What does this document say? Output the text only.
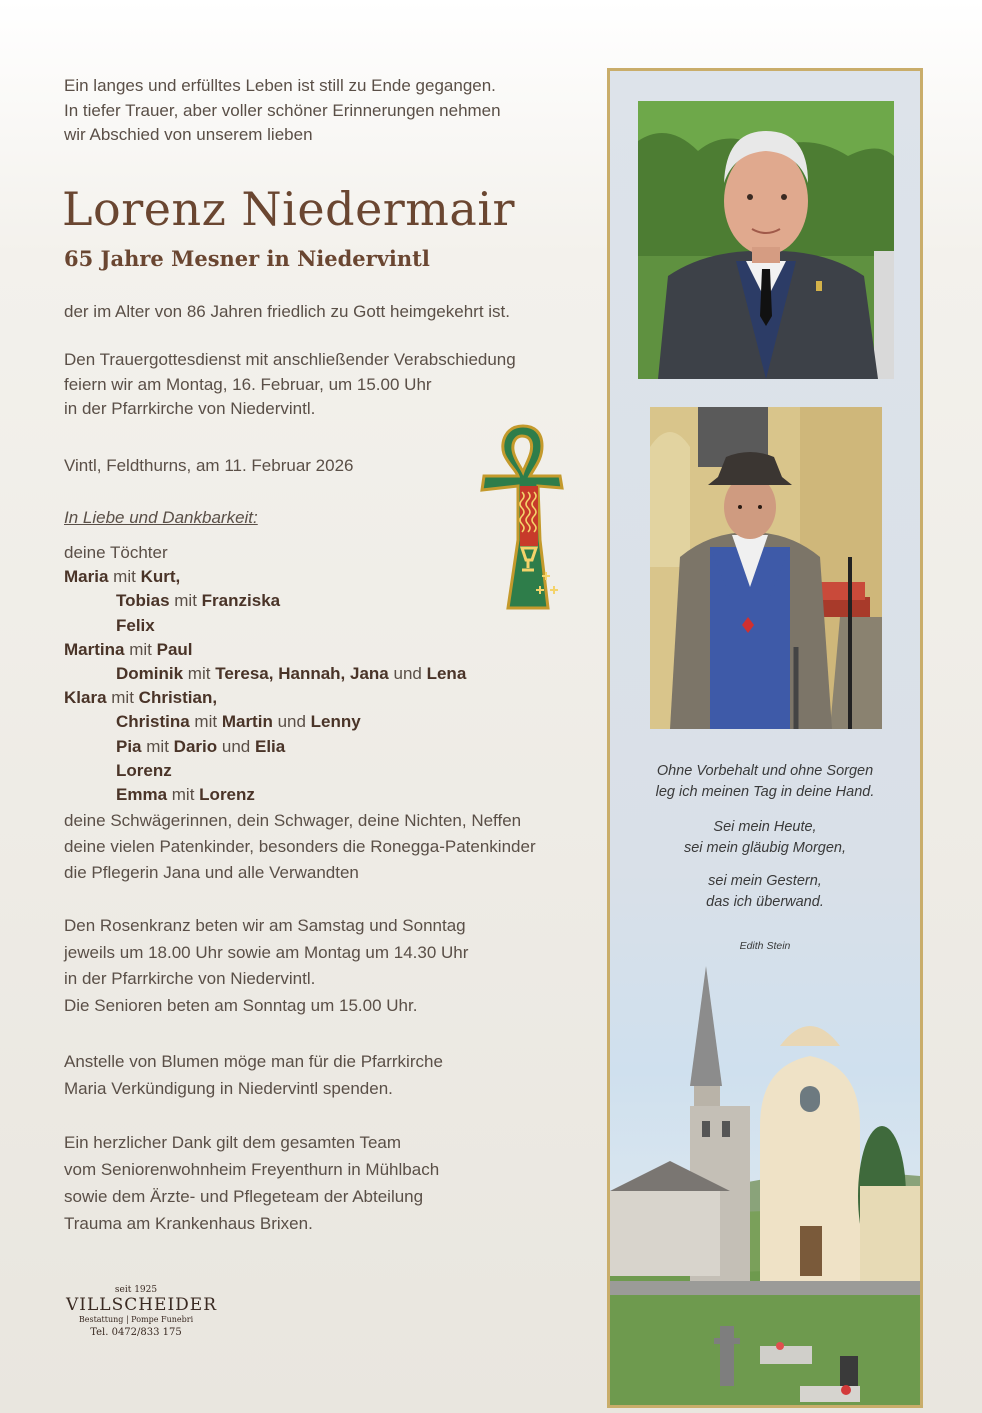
Ein langes und erfülltes Leben ist still zu Ende gegangen.

In tiefer Trauer, aber voller schöner Erinnerungen nehmen

wir Abschied von unserem lieben

Lorenz Niedermair
65 Jahre Mesner in Niedervintl

der im Alter von 86 Jahren friedlich zu Gott heimgekehrt ist.

Den Trauergottesdienst mit anschließender Verabschiedung

feiern wir am Montag, 16. Februar, um 15.00 Uhr

in der Pfarrkirche von Niedervintl.

Vintl, Feldthurns, am 11. Februar 2026

In Liebe und Dankbarkeit:

deine Töchter
Maria mit Kurt,
Tobias mit Franziska
Felix
Martina mit Paul
Dominik mit Teresa, Hannah, Jana und Lena
Klara mit Christian,
Christina mit Martin und Lenny
Pia mit Dario und Elia
Lorenz
Emma mit Lorenz

deine Schwägerinnen, dein Schwager, deine Nichten, Neffen

deine vielen Patenkinder, besonders die Ronegga-Patenkinder

die Pflegerin Jana und alle Verwandten

Den Rosenkranz beten wir am Samstag und Sonntag

jeweils um 18.00 Uhr sowie am Montag um 14.30 Uhr

in der Pfarrkirche von Niedervintl.

Die Senioren beten am Sonntag um 15.00 Uhr.

Anstelle von Blumen möge man für die Pfarrkirche

Maria Verkündigung in Niedervintl spenden.

Ein herzlicher Dank gilt dem gesamten Team

vom Seniorenwohnheim Freyenthurn in Mühlbach

sowie dem Ärzte- und Pflegeteam der Abteilung

Trauma am Krankenhaus Brixen.

seit 1925
VILLSCHEIDER
Bestattung | Pompe Funebri
Tel. 0472/833 175
Ohne Vorbehalt und ohne Sorgen
leg ich meinen Tag in deine Hand.
Sei mein Heute,
sei mein gläubig Morgen,
sei mein Gestern,
das ich überwand.
Edith Stein
